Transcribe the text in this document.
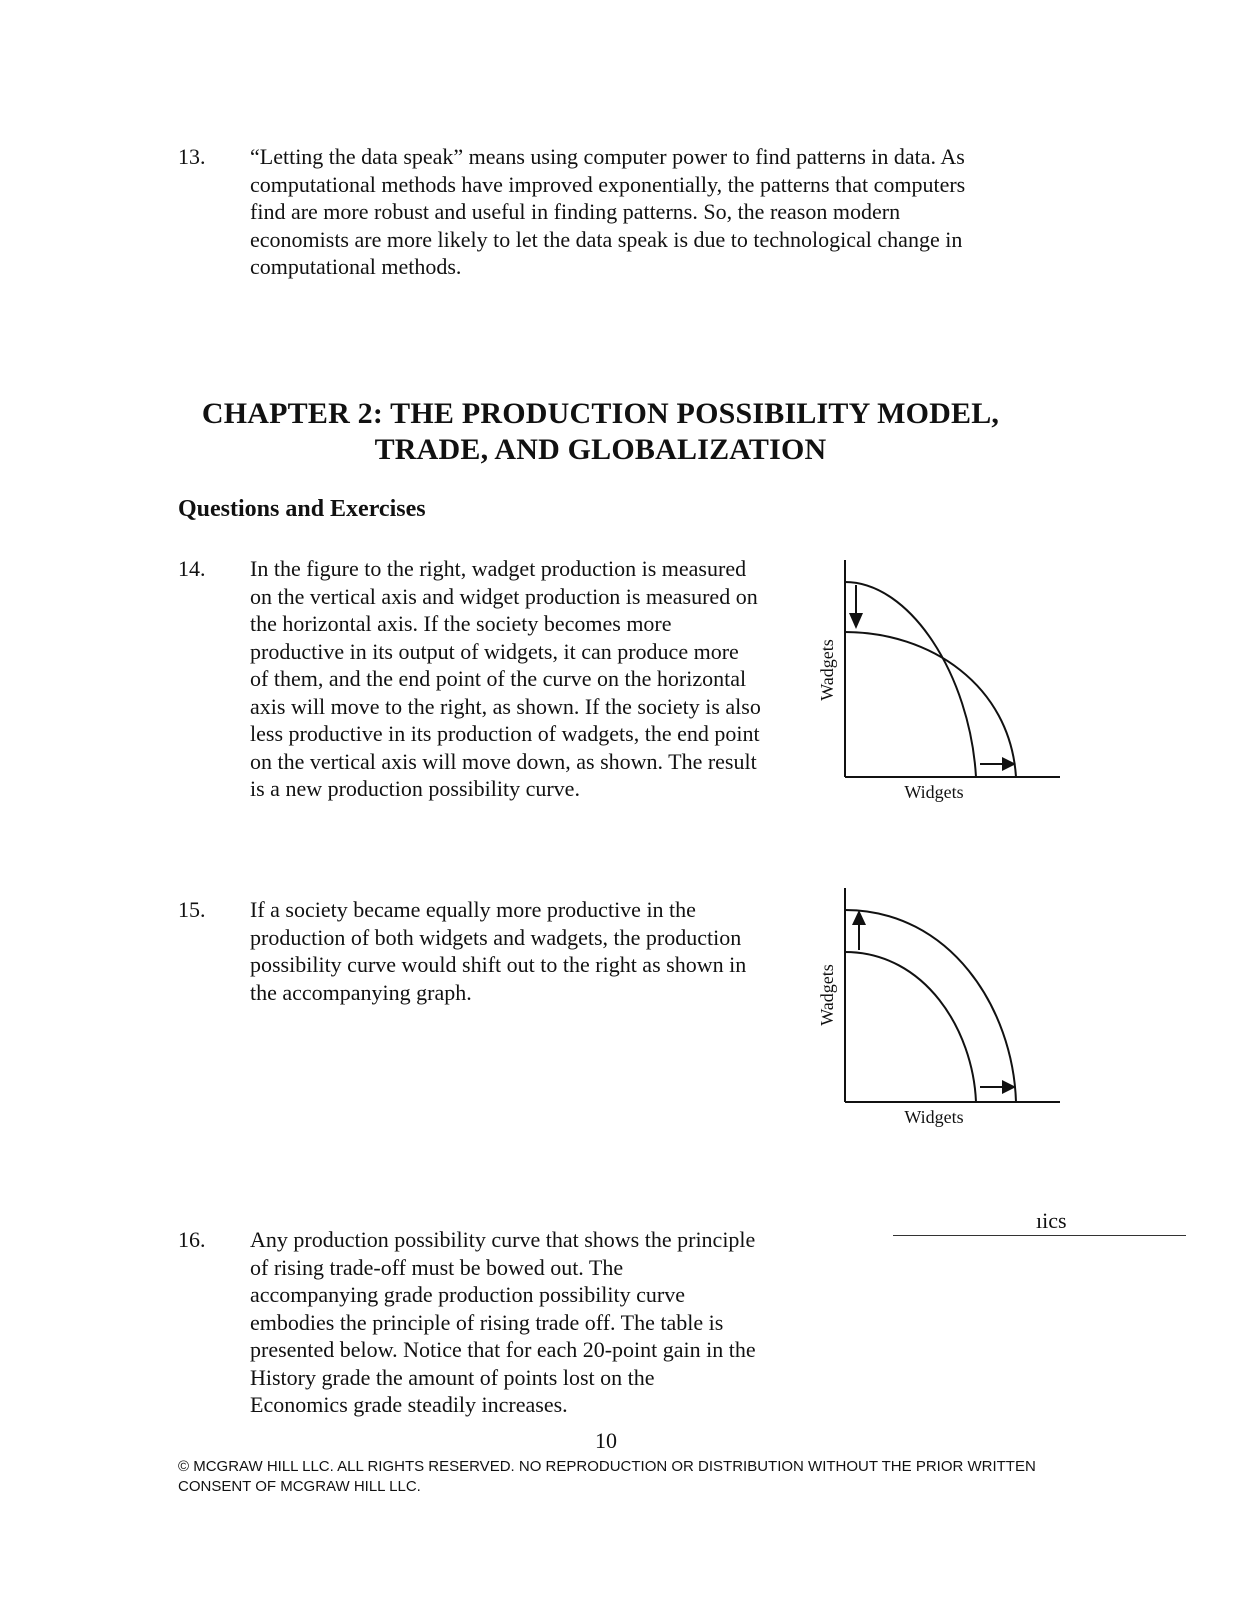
13. “Letting the data speak” means using computer power to find patterns in data. As
computational methods have improved exponentially, the patterns that computers
find are more robust and useful in finding patterns. So, the reason modern
economists are more likely to let the data speak is due to technological change in
computational methods.
CHAPTER 2: THE PRODUCTION POSSIBILITY MODEL,
TRADE, AND GLOBALIZATION
Questions and Exercises
14. In the figure to the right, wadget production is measured
on the vertical axis and widget production is measured on
the horizontal axis. If the society becomes more
productive in its output of widgets, it can produce more
of them, and the end point of the curve on the horizontal
axis will move to the right, as shown. If the society is also
less productive in its production of wadgets, the end point
on the vertical axis will move down, as shown. The result
is a new production possibility curve.
Wadgets
Widgets
15. If a society became equally more productive in the
production of both widgets and wadgets, the production
possibility curve would shift out to the right as shown in
the accompanying graph.	Wadgets
Widgets
ıics
16. Any production possibility curve that shows the principle
of rising trade-off must be bowed out. The
accompanying grade production possibility curve
embodies the principle of rising trade off. The table is
presented below. Notice that for each 20-point gain in the
History grade the amount of points lost on the
Economics grade steadily increases.
10
© MCGRAW HILL LLC. ALL RIGHTS RESERVED. NO REPRODUCTION OR DISTRIBUTION WITHOUT THE PRIOR WRITTEN
CONSENT OF MCGRAW HILL LLC.
